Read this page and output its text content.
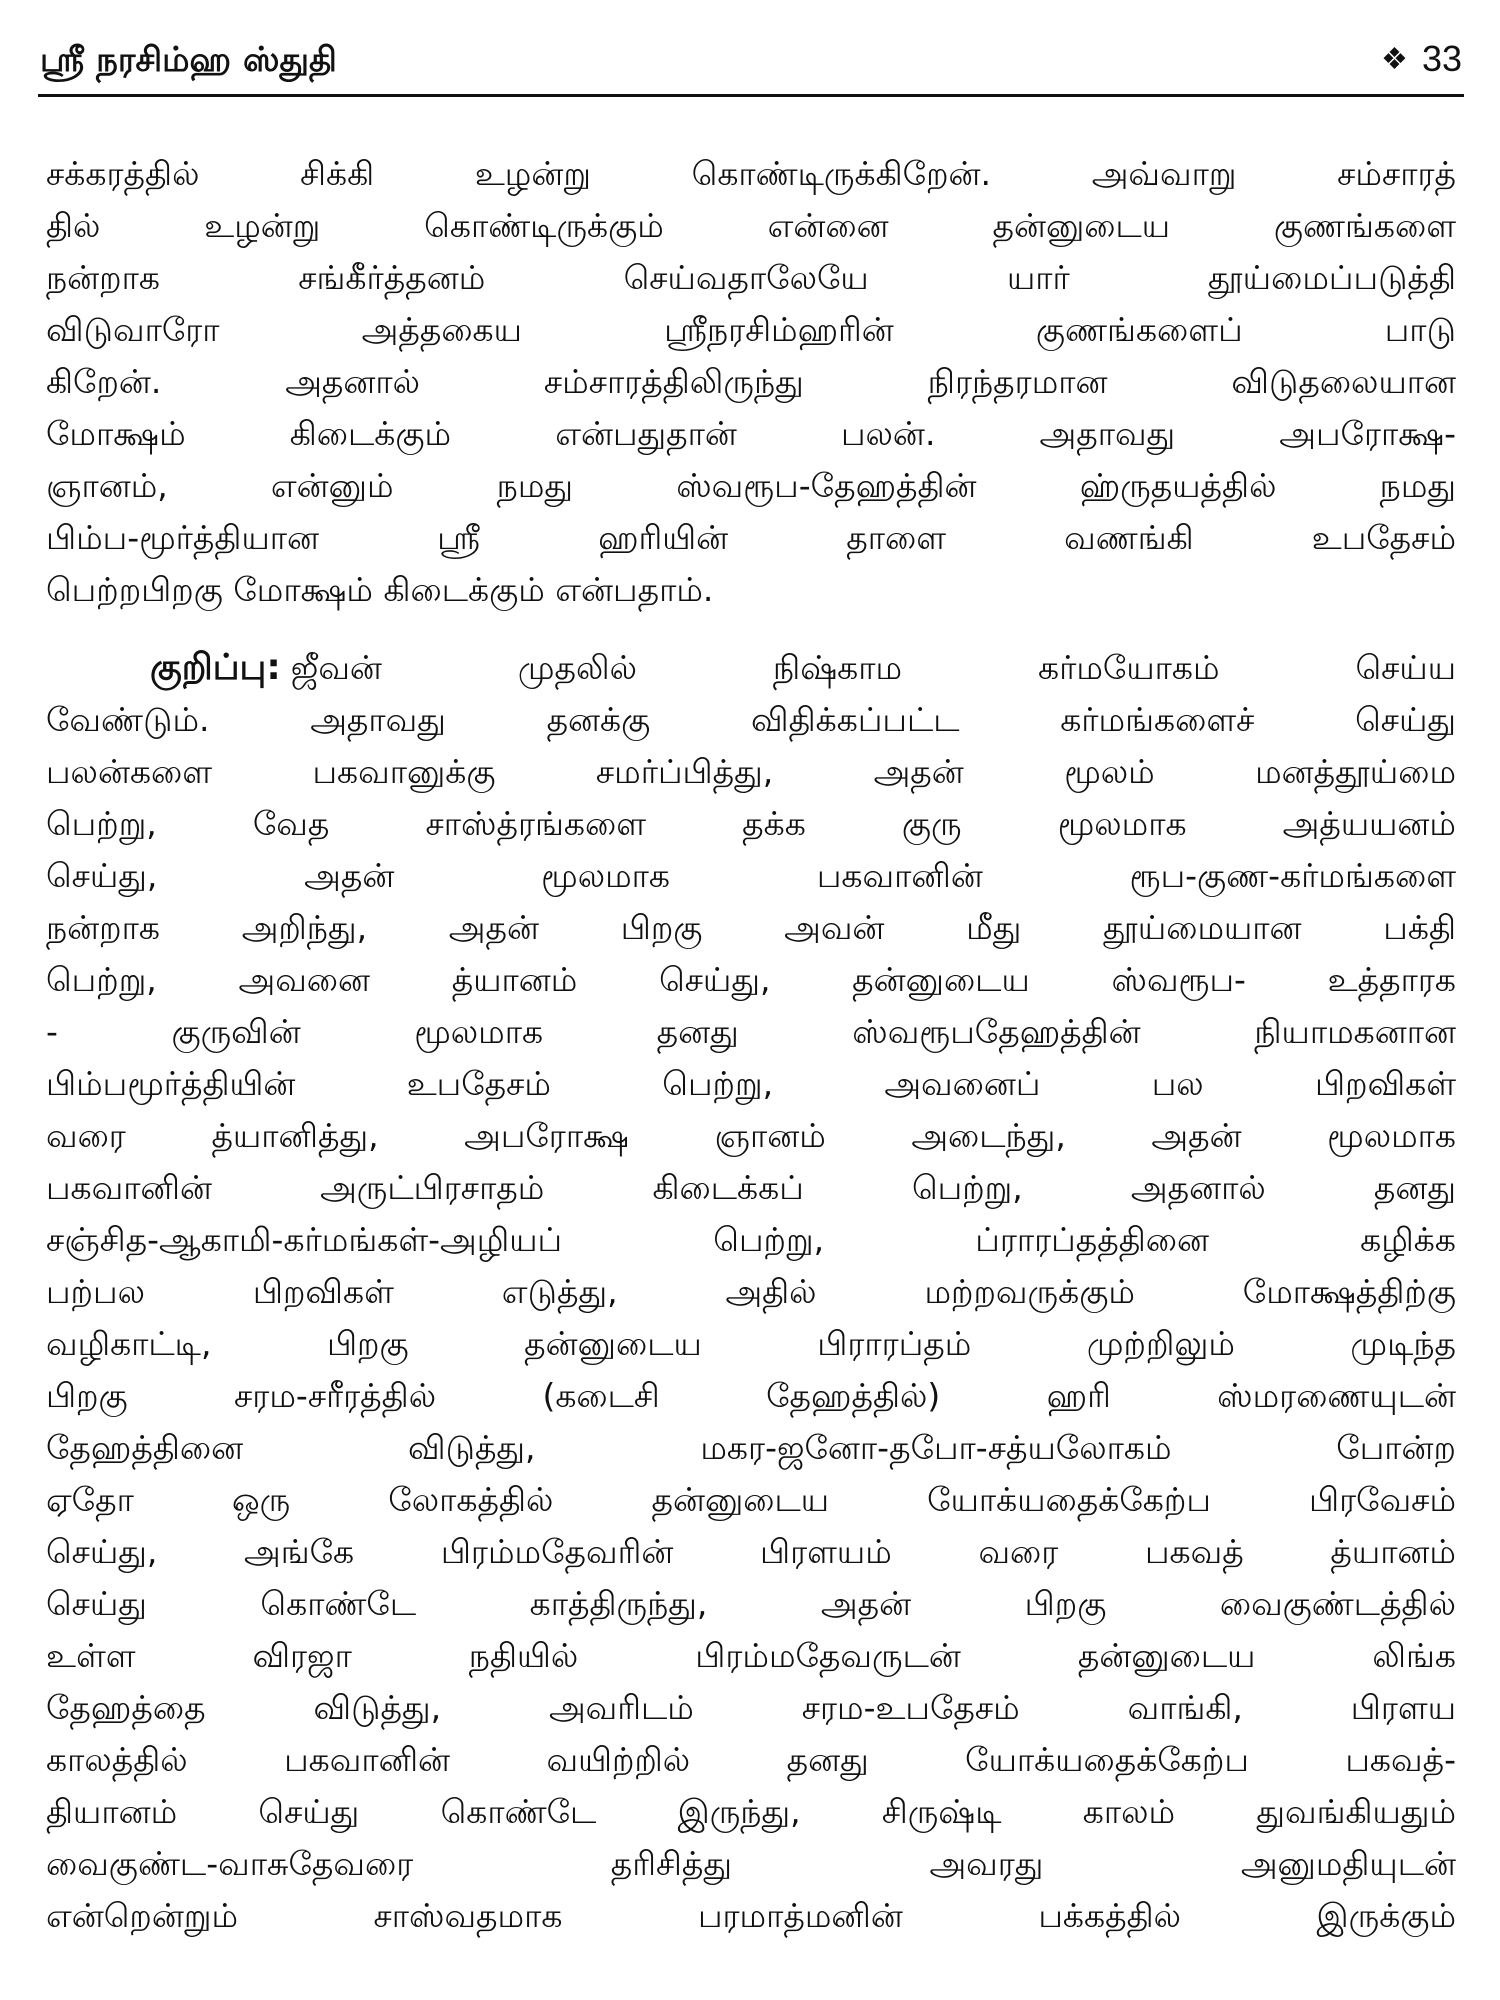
ஸ்ரீ நரசிம்ஹ ஸ்துதி	❖ 33
சக்கரத்தில் சிக்கி உழன்று கொண்டிருக்கிறேன். அவ்வாறு சம்சாரத்
தில் உழன்று கொண்டிருக்கும் என்னை தன்னுடைய குணங்களை
நன்றாக சங்கீர்த்தனம் செய்வதாலேயே யார் தூய்மைப்படுத்தி
விடுவாரோ அத்தகைய ஸ்ரீநரசிம்ஹரின் குணங்களைப் பாடு
கிறேன். அதனால் சம்சாரத்திலிருந்து நிரந்தரமான விடுதலையான
மோக்ஷம் கிடைக்கும் என்பதுதான் பலன். அதாவது அபரோக்ஷ-
ஞானம், என்னும் நமது ஸ்வரூப-தேஹத்தின் ஹ்ருதயத்தில் நமது
பிம்ப-மூர்த்தியான ஸ்ரீ ஹரியின் தாளை வணங்கி உபதேசம்
பெற்றபிறகு மோக்ஷம் கிடைக்கும் என்பதாம்.
குறிப்பு: ஜீவன் முதலில் நிஷ்காம கர்மயோகம் செய்ய
வேண்டும். அதாவது தனக்கு விதிக்கப்பட்ட கர்மங்களைச் செய்து
பலன்களை பகவானுக்கு சமர்ப்பித்து, அதன் மூலம் மனத்தூய்மை
பெற்று, வேத சாஸ்த்ரங்களை தக்க குரு மூலமாக அத்யயனம்
செய்து, அதன் மூலமாக பகவானின் ரூப-குண-கர்மங்களை
நன்றாக அறிந்து, அதன் பிறகு அவன் மீது தூய்மையான பக்தி
பெற்று, அவனை த்யானம் செய்து, தன்னுடைய ஸ்வரூப- உத்தாரக
- குருவின் மூலமாக தனது ஸ்வரூபதேஹத்தின் நியாமகனான
பிம்பமூர்த்தியின் உபதேசம் பெற்று, அவனைப் பல பிறவிகள்
வரை த்யானித்து, அபரோக்ஷ ஞானம் அடைந்து, அதன் மூலமாக
பகவானின் அருட்பிரசாதம் கிடைக்கப் பெற்று, அதனால் தனது
சஞ்சித-ஆகாமி-கர்மங்கள்-அழியப் பெற்று, ப்ராரப்தத்தினை கழிக்க
பற்பல பிறவிகள் எடுத்து, அதில் மற்றவருக்கும் மோக்ஷத்திற்கு
வழிகாட்டி, பிறகு தன்னுடைய பிராரப்தம் முற்றிலும் முடிந்த
பிறகு சரம-சரீரத்தில் (கடைசி தேஹத்தில்) ஹரி ஸ்மரணையுடன்
தேஹத்தினை விடுத்து, மகர-ஜனோ-தபோ-சத்யலோகம் போன்ற
ஏதோ ஒரு லோகத்தில் தன்னுடைய யோக்யதைக்கேற்ப பிரவேசம்
செய்து, அங்கே பிரம்மதேவரின் பிரளயம் வரை பகவத் த்யானம்
செய்து கொண்டே காத்திருந்து, அதன் பிறகு வைகுண்டத்தில்
உள்ள விரஜா நதியில் பிரம்மதேவருடன் தன்னுடைய லிங்க
தேஹத்தை விடுத்து, அவரிடம் சரம-உபதேசம் வாங்கி, பிரளய
காலத்தில் பகவானின் வயிற்றில் தனது யோக்யதைக்கேற்ப பகவத்-
தியானம் செய்து கொண்டே இருந்து, சிருஷ்டி காலம் துவங்கியதும்
வைகுண்ட-வாசுதேவரை தரிசித்து அவரது அனுமதியுடன்
என்றென்றும் சாஸ்வதமாக பரமாத்மனின் பக்கத்தில் இருக்கும்
